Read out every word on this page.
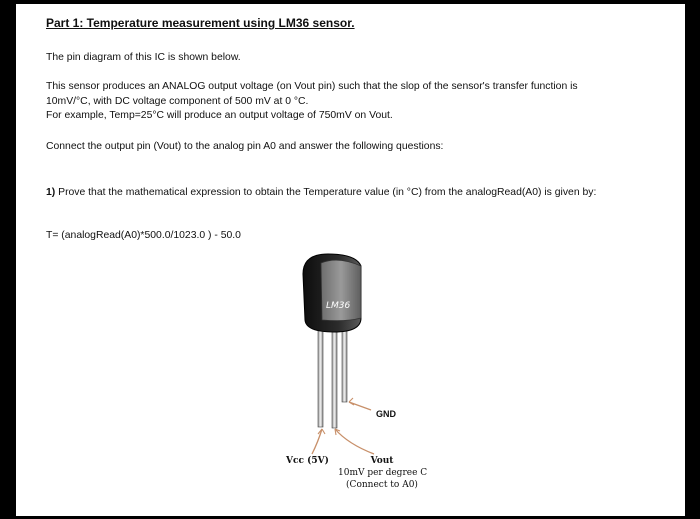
Part 1: Temperature measurement using LM36 sensor.
The pin diagram of this IC is shown below.
This sensor produces an ANALOG output voltage (on Vout pin) such that the slop of the sensor's transfer function is
10mV/°C, with DC voltage component of 500 mV at 0 °C.
For example, Temp=25°C will produce an output voltage of 750mV on Vout.
Connect the output pin (Vout) to the analog pin A0 and answer the following questions:
1) Prove that the mathematical expression to obtain the Temperature value (in °C) from the analogRead(A0) is given by:
T= (analogRead(A0)*500.0/1023.0 ) - 50.0
LM36
GND
Vcc (5V)	Vout
10mV per degree C
(Connect to A0)
